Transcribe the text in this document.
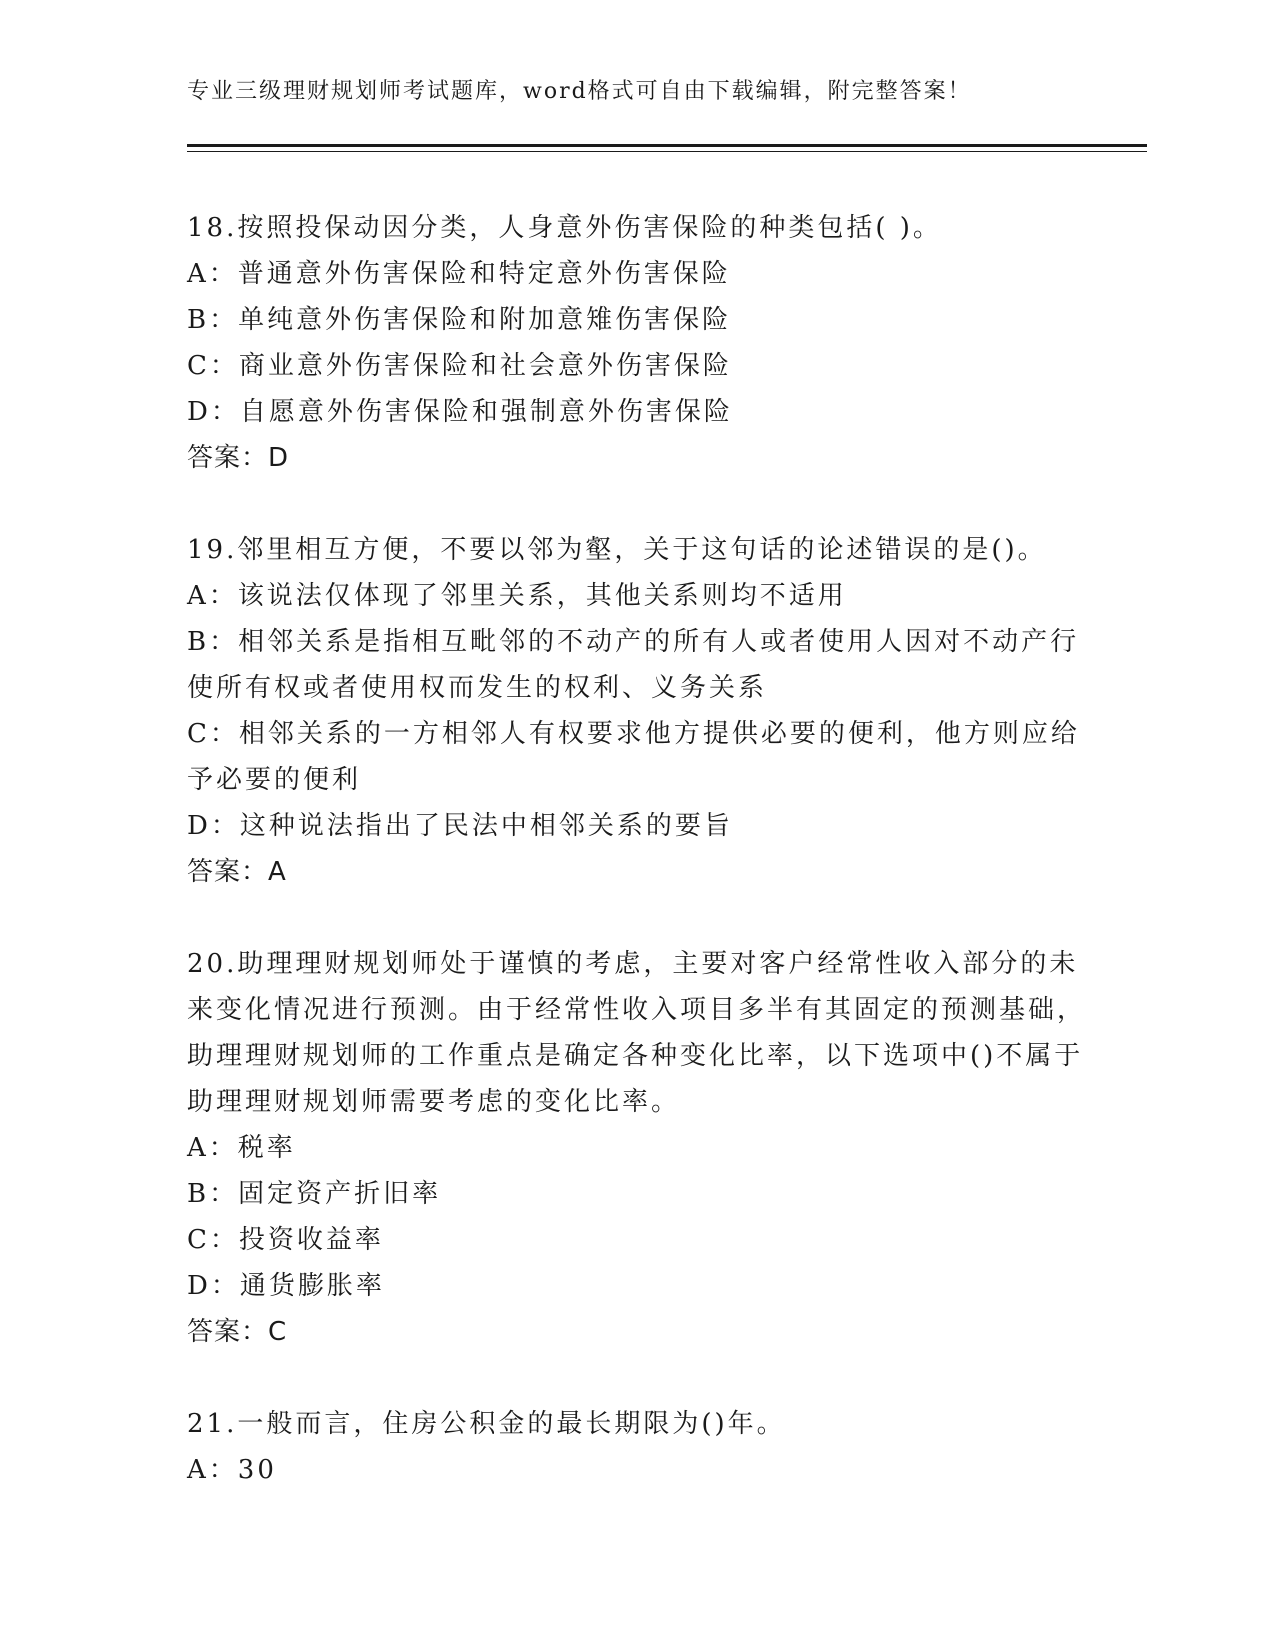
专业三级理财规划师考试题库，word格式可自由下载编辑，附完整答案！

18.按照投保动因分类，人身意外伤害保险的种类包括( )。

A：普通意外伤害保险和特定意外伤害保险

B：单纯意外伤害保险和附加意雉伤害保险

C：商业意外伤害保险和社会意外伤害保险

D：自愿意外伤害保险和强制意外伤害保险

答案：D

19.邻里相互方便，不要以邻为壑，关于这句话的论述错误的是()。

A：该说法仅体现了邻里关系，其他关系则均不适用

B：相邻关系是指相互毗邻的不动产的所有人或者使用人因对不动产行使所有权或者使用权而发生的权利、义务关系

C：相邻关系的一方相邻人有权要求他方提供必要的便利，他方则应给予必要的便利

D：这种说法指出了民法中相邻关系的要旨

答案：A

20.助理理财规划师处于谨慎的考虑，主要对客户经常性收入部分的未来变化情况进行预测。由于经常性收入项目多半有其固定的预测基础，助理理财规划师的工作重点是确定各种变化比率，以下选项中()不属于助理理财规划师需要考虑的变化比率。

A：税率

B：固定资产折旧率

C：投资收益率

D：通货膨胀率

答案：C

21.一般而言，住房公积金的最长期限为()年。

A：30
